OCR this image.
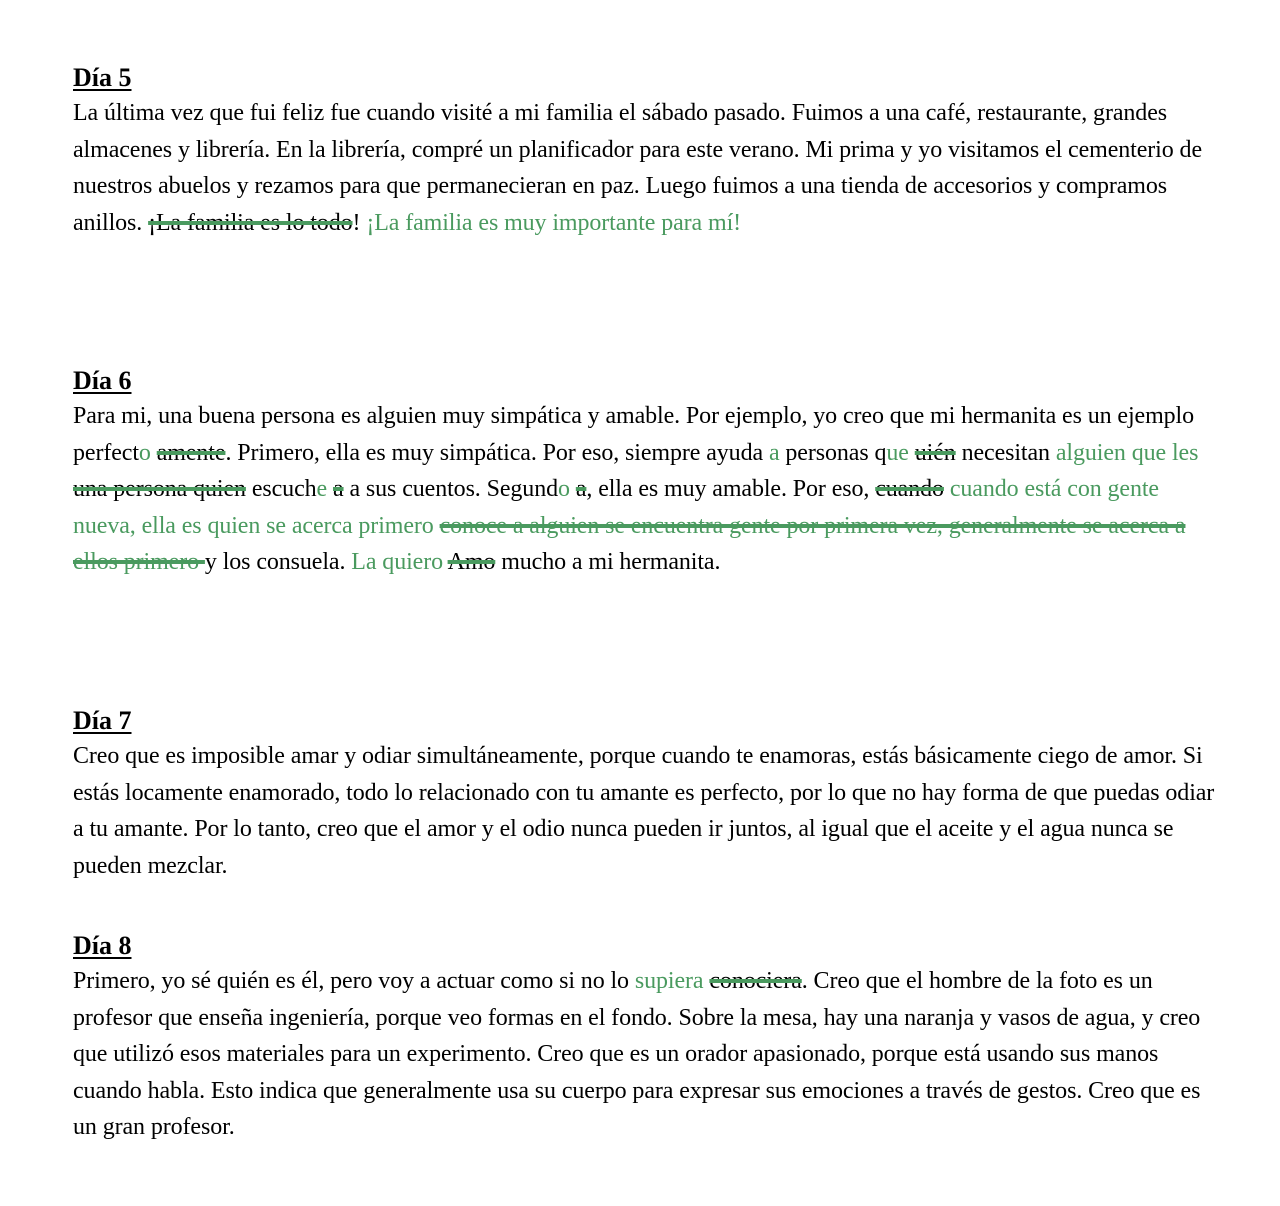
Día 5

La última vez que fui feliz fue cuando visité a mi familia el sábado pasado. Fuimos a una café, restaurante, grandes almacenes y librería. En la librería, compré un planificador para este verano. Mi prima y yo visitamos el cementerio de nuestros abuelos y rezamos para que permanecieran en paz. Luego fuimos a una tienda de accesorios y compramos anillos. ¡La familia es lo todo! ¡La familia es muy importante para mí!

Día 6

Para mi, una buena persona es alguien muy simpática y amable. Por ejemplo, yo creo que mi hermanita es un ejemplo perfecto amente. Primero, ella es muy simpática. Por eso, siempre ayuda a personas que uién necesitan alguien que les una persona quien escuche a a sus cuentos. Segundo a, ella es muy amable. Por eso, cuando cuando está con gente nueva, ella es quien se acerca primero conoce a alguien se encuentra gente por primera vez, generalmente se acerca a ellos primero y los consuela. La quiero Amo mucho a mi hermanita.

Día 7

Creo que es imposible amar y odiar simultáneamente, porque cuando te enamoras, estás básicamente ciego de amor. Si estás locamente enamorado, todo lo relacionado con tu amante es perfecto, por lo que no hay forma de que puedas odiar a tu amante. Por lo tanto, creo que el amor y el odio nunca pueden ir juntos, al igual que el aceite y el agua nunca se pueden mezclar.

Día 8

Primero, yo sé quién es él, pero voy a actuar como si no lo supiera conociera. Creo que el hombre de la foto es un profesor que enseña ingeniería, porque veo formas en el fondo. Sobre la mesa, hay una naranja y vasos de agua, y creo que utilizó esos materiales para un experimento. Creo que es un orador apasionado, porque está usando sus manos cuando habla. Esto indica que generalmente usa su cuerpo para expresar sus emociones a través de gestos. Creo que es un gran profesor.
